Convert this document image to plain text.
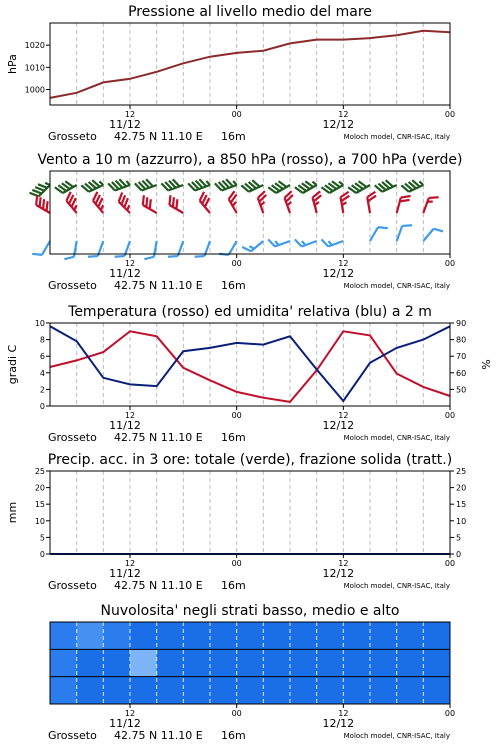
Pressione al livello medio del mare
1000
1010
1020
hPa
12	00	12	00
11/12	12/12
Grosseto 42.75 N 11.10 E 16m	Moloch model, CNR-ISAC, Italy
Vento a 10 m (azzurro), a 850 hPa (rosso), a 700 hPa (verde)
12	00	12	00
11/12	12/12
Grosseto 42.75 N 11.10 E 16m	Moloch model, CNR-ISAC, Italy
Temperatura (rosso) ed umidita' relativa (blu) a 2 m
0
2
4
6
8
10
gradi C
50
60
70
80
90
%
12	00	12	00
11/12	12/12
Grosseto 42.75 N 11.10 E 16m	Moloch model, CNR-ISAC, Italy
Precip. acc. in 3 ore: totale (verde), frazione solida (tratt.)
0
5
10
15
20
25
mm
0
5
10
15
20
25
12	00	12	00
11/12	12/12
Grosseto 42.75 N 11.10 E 16m	Moloch model, CNR-ISAC, Italy
Nuvolosita' negli strati basso, medio e alto
12	00	12	00
11/12	12/12
Grosseto 42.75 N 11.10 E 16m	Moloch model, CNR-ISAC, Italy
